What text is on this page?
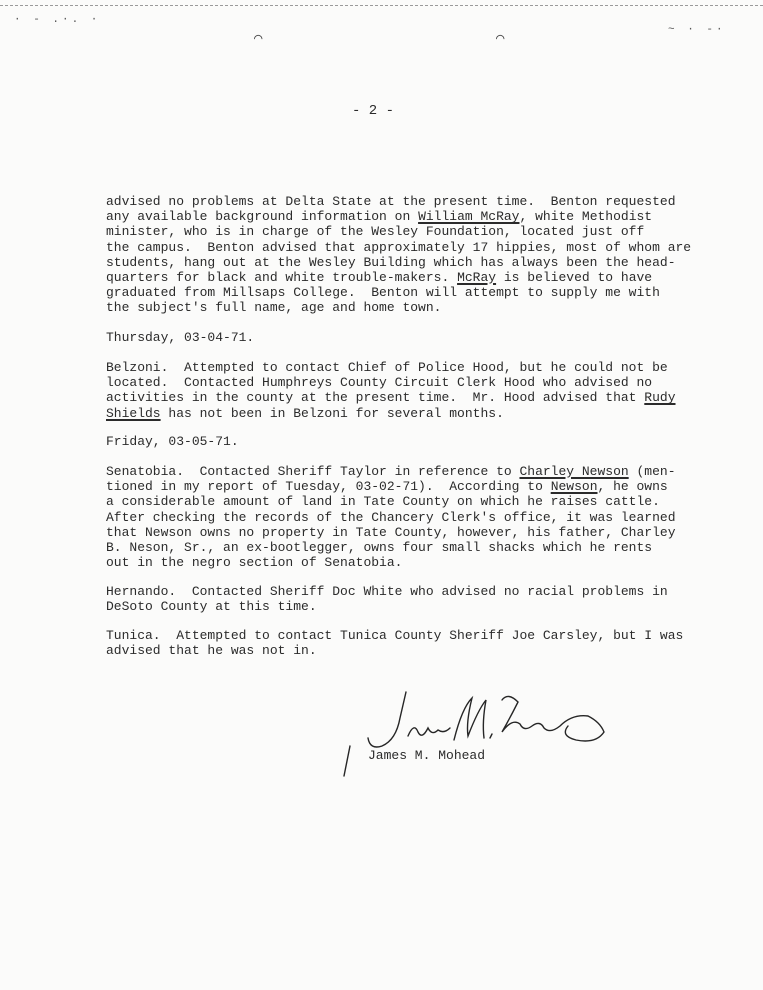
· - .·. ·
~ · -·
⌒	⌒
- 2 -

advised no problems at Delta State at the present time.  Benton requested
any available background information on William McRay, white Methodist
minister, who is in charge of the Wesley Foundation, located just off
the campus.  Benton advised that approximately 17 hippies, most of whom are
students, hang out at the Wesley Building which has always been the head-
quarters for black and white trouble-makers. McRay is believed to have
graduated from Millsaps College.  Benton will attempt to supply me with
the subject's full name, age and home town.

Thursday, 03-04-71.

Belzoni.  Attempted to contact Chief of Police Hood, but he could not be
located.  Contacted Humphreys County Circuit Clerk Hood who advised no
activities in the county at the present time.  Mr. Hood advised that Rudy
Shields has not been in Belzoni for several months.

Friday, 03-05-71.

Senatobia.  Contacted Sheriff Taylor in reference to Charley Newson (men-
tioned in my report of Tuesday, 03-02-71).  According to Newson, he owns
a considerable amount of land in Tate County on which he raises cattle.
After checking the records of the Chancery Clerk's office, it was learned
that Newson owns no property in Tate County, however, his father, Charley
B. Neson, Sr., an ex-bootlegger, owns four small shacks which he rents
out in the negro section of Senatobia.

Hernando.  Contacted Sheriff Doc White who advised no racial problems in
DeSoto County at this time.

Tunica.  Attempted to contact Tunica County Sheriff Joe Carsley, but I was
advised that he was not in.

James M. Mohead
